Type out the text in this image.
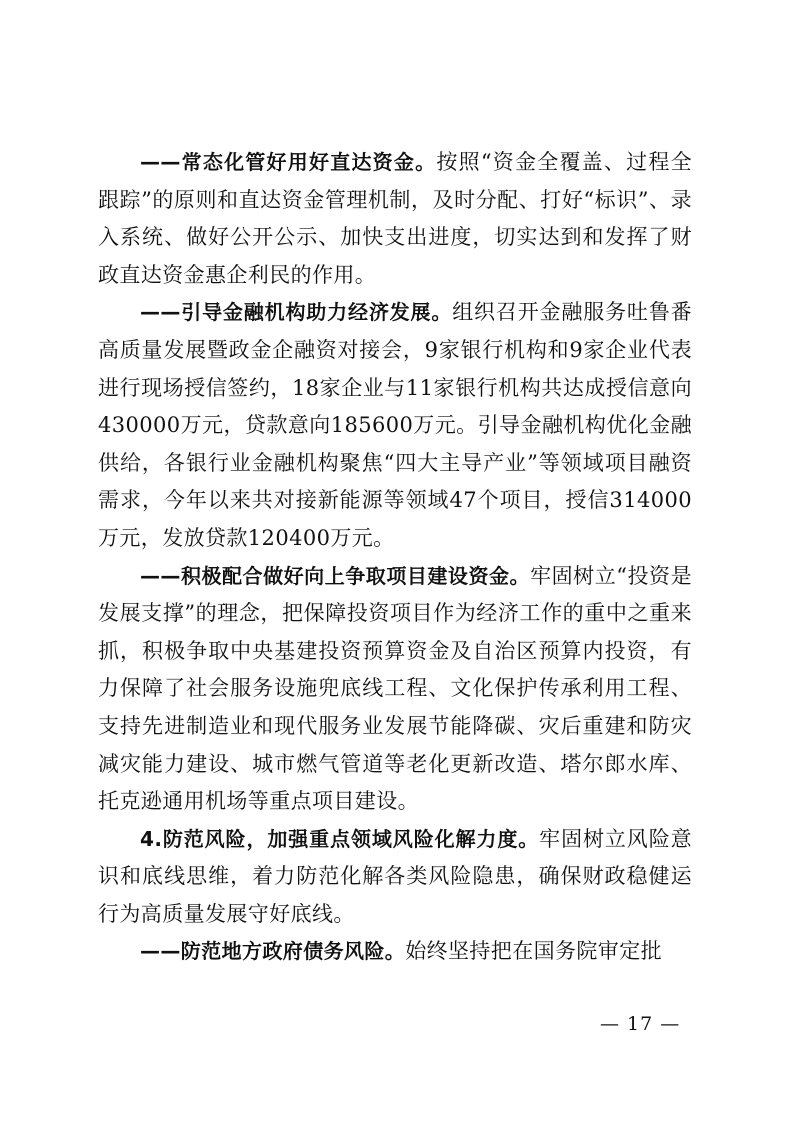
——常态化管好用好直达资金。按照“资金全覆盖、过程全跟踪”的原则和直达资金管理机制，及时分配、打好“标识”、录入系统、做好公开公示、加快支出进度，切实达到和发挥了财政直达资金惠企利民的作用。

——引导金融机构助力经济发展。组织召开金融服务吐鲁番高质量发展暨政金企融资对接会，9家银行机构和9家企业代表进行现场授信签约，18家企业与11家银行机构共达成授信意向430000万元，贷款意向185600万元。引导金融机构优化金融供给，各银行业金融机构聚焦“四大主导产业”等领域项目融资需求，今年以来共对接新能源等领域47个项目，授信314000万元，发放贷款120400万元。

——积极配合做好向上争取项目建设资金。牢固树立“投资是发展支撑”的理念，把保障投资项目作为经济工作的重中之重来抓，积极争取中央基建投资预算资金及自治区预算内投资，有力保障了社会服务设施兜底线工程、文化保护传承利用工程、支持先进制造业和现代服务业发展节能降碳、灾后重建和防灾减灾能力建设、城市燃气管道等老化更新改造、塔尔郎水库、托克逊通用机场等重点项目建设。

4.防范风险，加强重点领域风险化解力度。牢固树立风险意识和底线思维，着力防范化解各类风险隐患，确保财政稳健运行为高质量发展守好底线。

——防范地方政府债务风险。始终坚持把在国务院审定批

— 17 —
